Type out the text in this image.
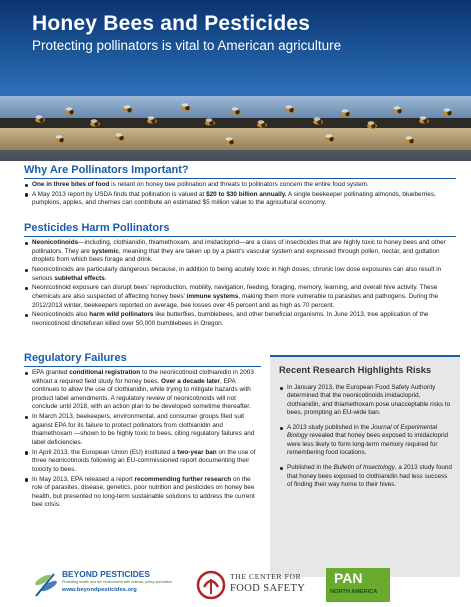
Honey Bees and Pesticides
Protecting pollinators is vital to American agriculture
Why Are Pollinators Important?
One in three bites of food is reliant on honey bee pollination and threats to pollinators concern the entire food system.
A May 2013 report by USDA finds that pollination is valued at $20 to $30 billion annually. A single beekeeper pollinating almonds, blueberries, pumpkins, apples, and cherries can contribute an estimated $5 million value to the agricultural economy.
Pesticides Harm Pollinators
Neonicotinoids—including, clothianidin, thiamethoxam, and imidacloprid—are a class of insecticides that are highly toxic to honey bees and other pollinators. They are systemic, meaning that they are taken up by a plant’s vascular system and expressed through pollen, nectar, and guttation droplets from which bees forage and drink.
Neonicotinoids are particularly dangerous because, in addition to being acutely toxic in high doses, chronic low dose exposures can also result in serious sublethal effects.
Neonicotinoid exposure can disrupt bees’ reproduction, mobility, navigation, feeding, foraging, memory, learning, and overall hive activity. These chemicals are also suspected of affecting honey bees’ immune systems, making them more vulnerable to parasites and pathogens. During the 2012/2013 winter, beekeepers reported on average, bee losses over 45 percent and as high as 70 percent.
Neonicotinoids also harm wild pollinators like butterflies, bumblebees, and other beneficial organisms. In June 2013, tree application of the neonicotinoid dinotefuran killed over 50,000 bumblebees in Oregon.
Regulatory Failures
EPA granted conditional registration to the neonicotinoid clothianidin in 2003 without a required field study for honey bees. Over a decade later, EPA continues to allow the use of clothianidin, while trying to mitigate hazards with product label amendments. A regulatory review of neonicotinoids will not conclude until 2018, with an action plan to be developed sometime thereafter.
In March 2013, beekeepers, environmental, and consumer groups filed suit against EPA for its failure to protect pollinators from clothianidin and thiamethoxam —shown to be highly toxic to bees, citing regulatory failures and label deficiencies.
In April 2013, the European Union (EU) instituted a two-year ban on the use of three neonicotinoids following an EU-commissioned report documenting their toxicity to bees.
In May 2013, EPA released a report recommending further research on the role of parasites, disease, genetics, poor nutrition and pesticides on honey bee health, but presented no long-term sustainable solutions to address the current bee crisis.
Recent Research Highlights Risks
In January 2013, the European Food Safety Authority determined that the neonicotinoids imidacloprid, clothianidin, and thiamethoxam pose unacceptable risks to bees, prompting an EU-wide ban.
A 2013 study published in the Journal of Experimental Biology revealed that honey bees exposed to imidacloprid were less likely to form long-term memory required for remembering food locations.
Published in the Bulletin of Insectology, a 2013 study found that honey bees exposed to clothianidin had less success of finding their way home to their hives.
BEYOND PESTICIDES
Protecting health and the environment with science, policy and action
www.beyondpesticides.org
THE CENTER FOR
FOOD SAFETY
PAN
NORTH AMERICA
